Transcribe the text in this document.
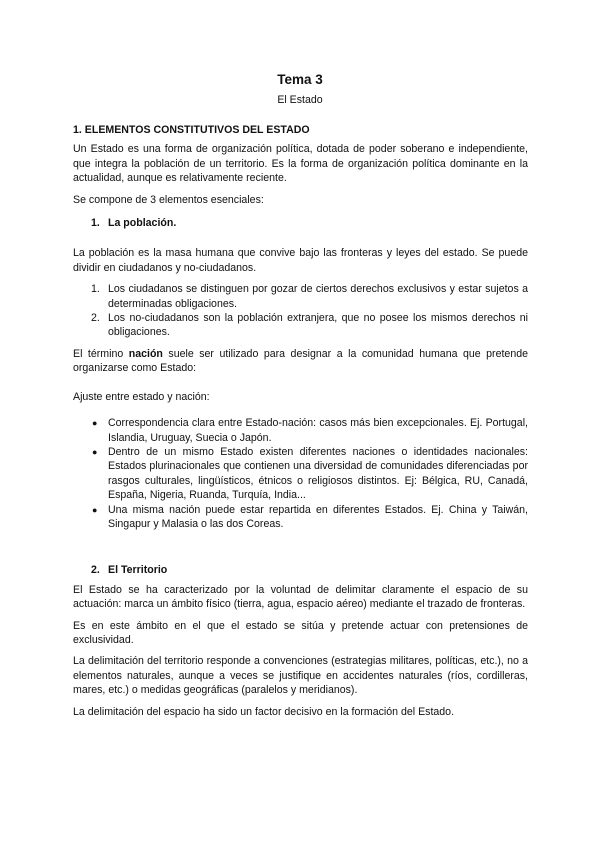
Tema 3
El Estado
1. ELEMENTOS CONSTITUTIVOS DEL ESTADO

Un Estado es una forma de organización política, dotada de poder soberano e independiente, que integra la población de un territorio. Es la forma de organización política dominante en la actualidad, aunque es relativamente reciente.

Se compone de 3 elementos esenciales:

1. La población.

La población es la masa humana que convive bajo las fronteras y leyes del estado. Se puede dividir en ciudadanos y no-ciudadanos.

1. Los ciudadanos se distinguen por gozar de ciertos derechos exclusivos y estar sujetos a determinadas obligaciones.
2. Los no-ciudadanos son la población extranjera, que no posee los mismos derechos ni obligaciones.

El término nación suele ser utilizado para designar a la comunidad humana que pretende organizarse como Estado:

Ajuste entre estado y nación:

● Correspondencia clara entre Estado-nación: casos más bien excepcionales. Ej. Portugal, Islandia, Uruguay, Suecia o Japón.
● Dentro de un mismo Estado existen diferentes naciones o identidades nacionales: Estados plurinacionales que contienen una diversidad de comunidades diferenciadas por rasgos culturales, lingüísticos, étnicos o religiosos distintos. Ej: Bélgica, RU, Canadá, España, Nigeria, Ruanda, Turquía, India...
● Una misma nación puede estar repartida en diferentes Estados. Ej. China y Taiwán, Singapur y Malasia o las dos Coreas.
2. El Territorio

El Estado se ha caracterizado por la voluntad de delimitar claramente el espacio de su actuación: marca un ámbito físico (tierra, agua, espacio aéreo) mediante el trazado de fronteras.

Es en este ámbito en el que el estado se sitúa y pretende actuar con pretensiones de exclusividad.

La delimitación del territorio responde a convenciones (estrategias militares, políticas, etc.), no a elementos naturales, aunque a veces se justifique en accidentes naturales (ríos, cordilleras, mares, etc.) o medidas geográficas (paralelos y meridianos).

La delimitación del espacio ha sido un factor decisivo en la formación del Estado.
